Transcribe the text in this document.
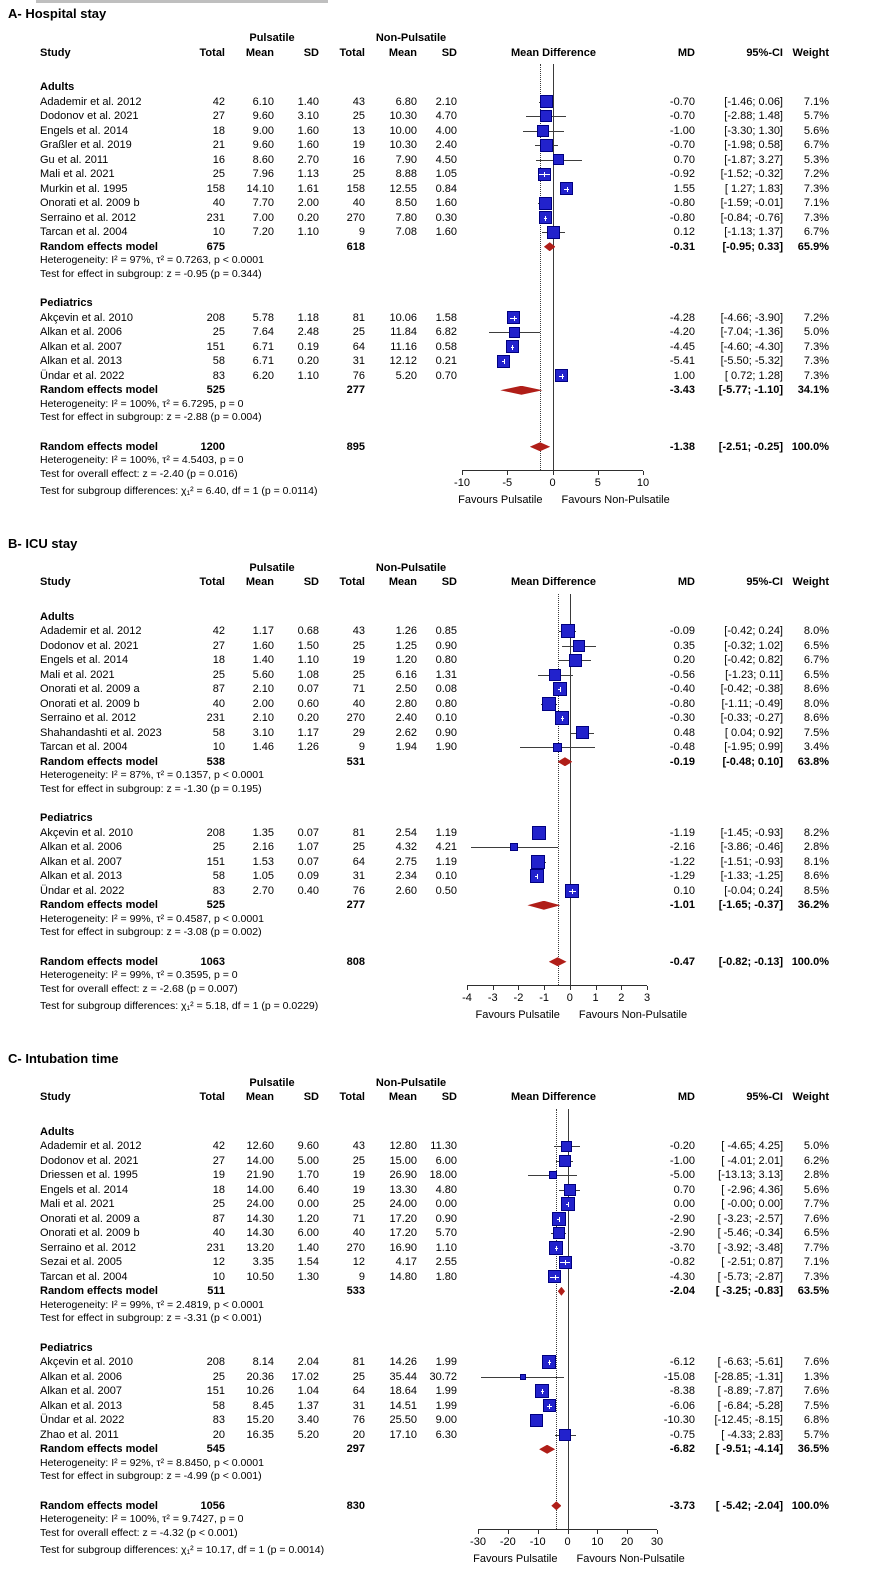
A- Hospital stay
Pulsatile	Non-Pulsatile
Study	Total	Mean	SD	Total	Mean	SD	Mean Difference	MD	95%-CI Weight
Adults
Adademir et al. 2012	42	6.10	1.40	43	6.80	2.10	-0.70	[-1.46; 0.06]	7.1%
Dodonov et al. 2021	27	9.60	3.10	25	10.30	4.70	-0.70	[-2.88; 1.48]	5.7%
Engels et al. 2014	18	9.00	1.60	13	10.00	4.00	-1.00	[-3.30; 1.30]	5.6%
Graßler et al. 2019	21	9.60	1.60	19	10.30	2.40	-0.70	[-1.98; 0.58]	6.7%
Gu et al. 2011	16	8.60	2.70	16	7.90	4.50	0.70	[-1.87; 3.27]	5.3%
Mali et al. 2021	25	7.96	1.13	25	8.88	1.05	-0.92	[-1.52; -0.32]	7.2%
Murkin et al. 1995	158	14.10	1.61	158	12.55	0.84	1.55	[ 1.27; 1.83]	7.3%
Onorati et al. 2009 b	40	7.70	2.00	40	8.50	1.60	-0.80	[-1.59; -0.01]	7.1%
Serraino et al. 2012	231	7.00	0.20	270	7.80	0.30	-0.80	[-0.84; -0.76]	7.3%
Tarcan et al. 2004	10	7.20	1.10	9	7.08	1.60	0.12	[-1.13; 1.37]	6.7%
Random effects model	675	618	-0.31	[-0.95; 0.33]	65.9%
Heterogeneity: I² = 97%, τ² = 0.7263, p < 0.0001
Test for effect in subgroup: z = -0.95 (p = 0.344)
Pediatrics
Akçevin et al. 2010	208	5.78	1.18	81	10.06	1.58	-4.28	[-4.66; -3.90]	7.2%
Alkan et al. 2006	25	7.64	2.48	25	11.84	6.82	-4.20	[-7.04; -1.36]	5.0%
Alkan et al. 2007	151	6.71	0.19	64	11.16	0.58	-4.45	[-4.60; -4.30]	7.3%
Alkan et al. 2013	58	6.71	0.20	31	12.12	0.21	-5.41	[-5.50; -5.32]	7.3%
Ündar et al. 2022	83	6.20	1.10	76	5.20	0.70	1.00	[ 0.72; 1.28]	7.3%
Random effects model	525	277	-3.43	[-5.77; -1.10]	34.1%
Heterogeneity: I² = 100%, τ² = 6.7295, p = 0
Test for effect in subgroup: z = -2.88 (p = 0.004)
Random effects model	1200	895	-1.38	[-2.51; -0.25] 100.0%
Heterogeneity: I² = 100%, τ² = 4.5403, p = 0
Test for overall effect: z = -2.40 (p = 0.016)
Test for subgroup differences: χ₁² = 6.40, df = 1 (p = 0.0114)
-10	-5	0	5	10
Favours Pulsatile Favours Non-Pulsatile
B- ICU stay
Pulsatile	Non-Pulsatile
Study	Total	Mean	SD	Total	Mean	SD	Mean Difference	MD	95%-CI Weight
Adults
Adademir et al. 2012	42	1.17	0.68	43	1.26	0.85	-0.09	[-0.42; 0.24]	8.0%
Dodonov et al. 2021	27	1.60	1.50	25	1.25	0.90	0.35	[-0.32; 1.02]	6.5%
Engels et al. 2014	18	1.40	1.10	19	1.20	0.80	0.20	[-0.42; 0.82]	6.7%
Mali et al. 2021	25	5.60	1.08	25	6.16	1.31	-0.56	[-1.23; 0.11]	6.5%
Onorati et al. 2009 a	87	2.10	0.07	71	2.50	0.08	-0.40	[-0.42; -0.38]	8.6%
Onorati et al. 2009 b	40	2.00	0.60	40	2.80	0.80	-0.80	[-1.11; -0.49]	8.0%
Serraino et al. 2012	231	2.10	0.20	270	2.40	0.10	-0.30	[-0.33; -0.27]	8.6%
Shahandashti et al. 2023	58	3.10	1.17	29	2.62	0.90	0.48	[ 0.04; 0.92]	7.5%
Tarcan et al. 2004	10	1.46	1.26	9	1.94	1.90	-0.48	[-1.95; 0.99]	3.4%
Random effects model	538	531	-0.19	[-0.48; 0.10]	63.8%
Heterogeneity: I² = 87%, τ² = 0.1357, p < 0.0001
Test for effect in subgroup: z = -1.30 (p = 0.195)
Pediatrics
Akçevin et al. 2010	208	1.35	0.07	81	2.54	1.19	-1.19	[-1.45; -0.93]	8.2%
Alkan et al. 2006	25	2.16	1.07	25	4.32	4.21	-2.16	[-3.86; -0.46]	2.8%
Alkan et al. 2007	151	1.53	0.07	64	2.75	1.19	-1.22	[-1.51; -0.93]	8.1%
Alkan et al. 2013	58	1.05	0.09	31	2.34	0.10	-1.29	[-1.33; -1.25]	8.6%
Ündar et al. 2022	83	2.70	0.40	76	2.60	0.50	0.10	[-0.04; 0.24]	8.5%
Random effects model	525	277	-1.01	[-1.65; -0.37]	36.2%
Heterogeneity: I² = 99%, τ² = 0.4587, p < 0.0001
Test for effect in subgroup: z = -3.08 (p = 0.002)
Random effects model	1063	808	-0.47	[-0.82; -0.13] 100.0%
Heterogeneity: I² = 99%, τ² = 0.3595, p = 0
Test for overall effect: z = -2.68 (p = 0.007)
Test for subgroup differences: χ₁² = 5.18, df = 1 (p = 0.0229)
-4	-3	-2	-1	0	1	2	3
Favours Pulsatile Favours Non-Pulsatile
C- Intubation time
Pulsatile	Non-Pulsatile
Study	Total	Mean	SD	Total	Mean	SD	Mean Difference	MD	95%-CI Weight
Adults
Adademir et al. 2012	42	12.60	9.60	43	12.80	11.30	-0.20	[ -4.65; 4.25]	5.0%
Dodonov et al. 2021	27	14.00	5.00	25	15.00	6.00	-1.00	[ -4.01; 2.01]	6.2%
Driessen et al. 1995	19	21.90	1.70	19	26.90	18.00	-5.00	[-13.13; 3.13]	2.8%
Engels et al. 2014	18	14.00	6.40	19	13.30	4.80	0.70	[ -2.96; 4.36]	5.6%
Mali et al. 2021	25	24.00	0.00	25	24.00	0.00	0.00	[ -0.00; 0.00]	7.7%
Onorati et al. 2009 a	87	14.30	1.20	71	17.20	0.90	-2.90	[ -3.23; -2.57]	7.6%
Onorati et al. 2009 b	40	14.30	6.00	40	17.20	5.70	-2.90	[ -5.46; -0.34]	6.5%
Serraino et al. 2012	231	13.20	1.40	270	16.90	1.10	-3.70	[ -3.92; -3.48]	7.7%
Sezai et al. 2005	12	3.35	1.54	12	4.17	2.55	-0.82	[ -2.51; 0.87]	7.1%
Tarcan et al. 2004	10	10.50	1.30	9	14.80	1.80	-4.30	[ -5.73; -2.87]	7.3%
Random effects model	511	533	-2.04	[ -3.25; -0.83]	63.5%
Heterogeneity: I² = 99%, τ² = 2.4819, p < 0.0001
Test for effect in subgroup: z = -3.31 (p < 0.001)
Pediatrics
Akçevin et al. 2010	208	8.14	2.04	81	14.26	1.99	-6.12	[ -6.63; -5.61]	7.6%
Alkan et al. 2006	25	20.36	17.02	25	35.44	30.72	-15.08	[-28.85; -1.31]	1.3%
Alkan et al. 2007	151	10.26	1.04	64	18.64	1.99	-8.38	[ -8.89; -7.87]	7.6%
Alkan et al. 2013	58	8.45	1.37	31	14.51	1.99	-6.06	[ -6.84; -5.28]	7.5%
Ündar et al. 2022	83	15.20	3.40	76	25.50	9.00	-10.30	[-12.45; -8.15]	6.8%
Zhao et al. 2011	20	16.35	5.20	20	17.10	6.30	-0.75	[ -4.33; 2.83]	5.7%
Random effects model	545	297	-6.82	[ -9.51; -4.14]	36.5%
Heterogeneity: I² = 92%, τ² = 8.8450, p < 0.0001
Test for effect in subgroup: z = -4.99 (p < 0.001)
Random effects model	1056	830	-3.73	[ -5.42; -2.04] 100.0%
Heterogeneity: I² = 100%, τ² = 9.7427, p = 0
Test for overall effect: z = -4.32 (p < 0.001)
Test for subgroup differences: χ₁² = 10.17, df = 1 (p = 0.0014)
-30	-20	-10	0	10	20	30
Favours Pulsatile Favours Non-Pulsatile
